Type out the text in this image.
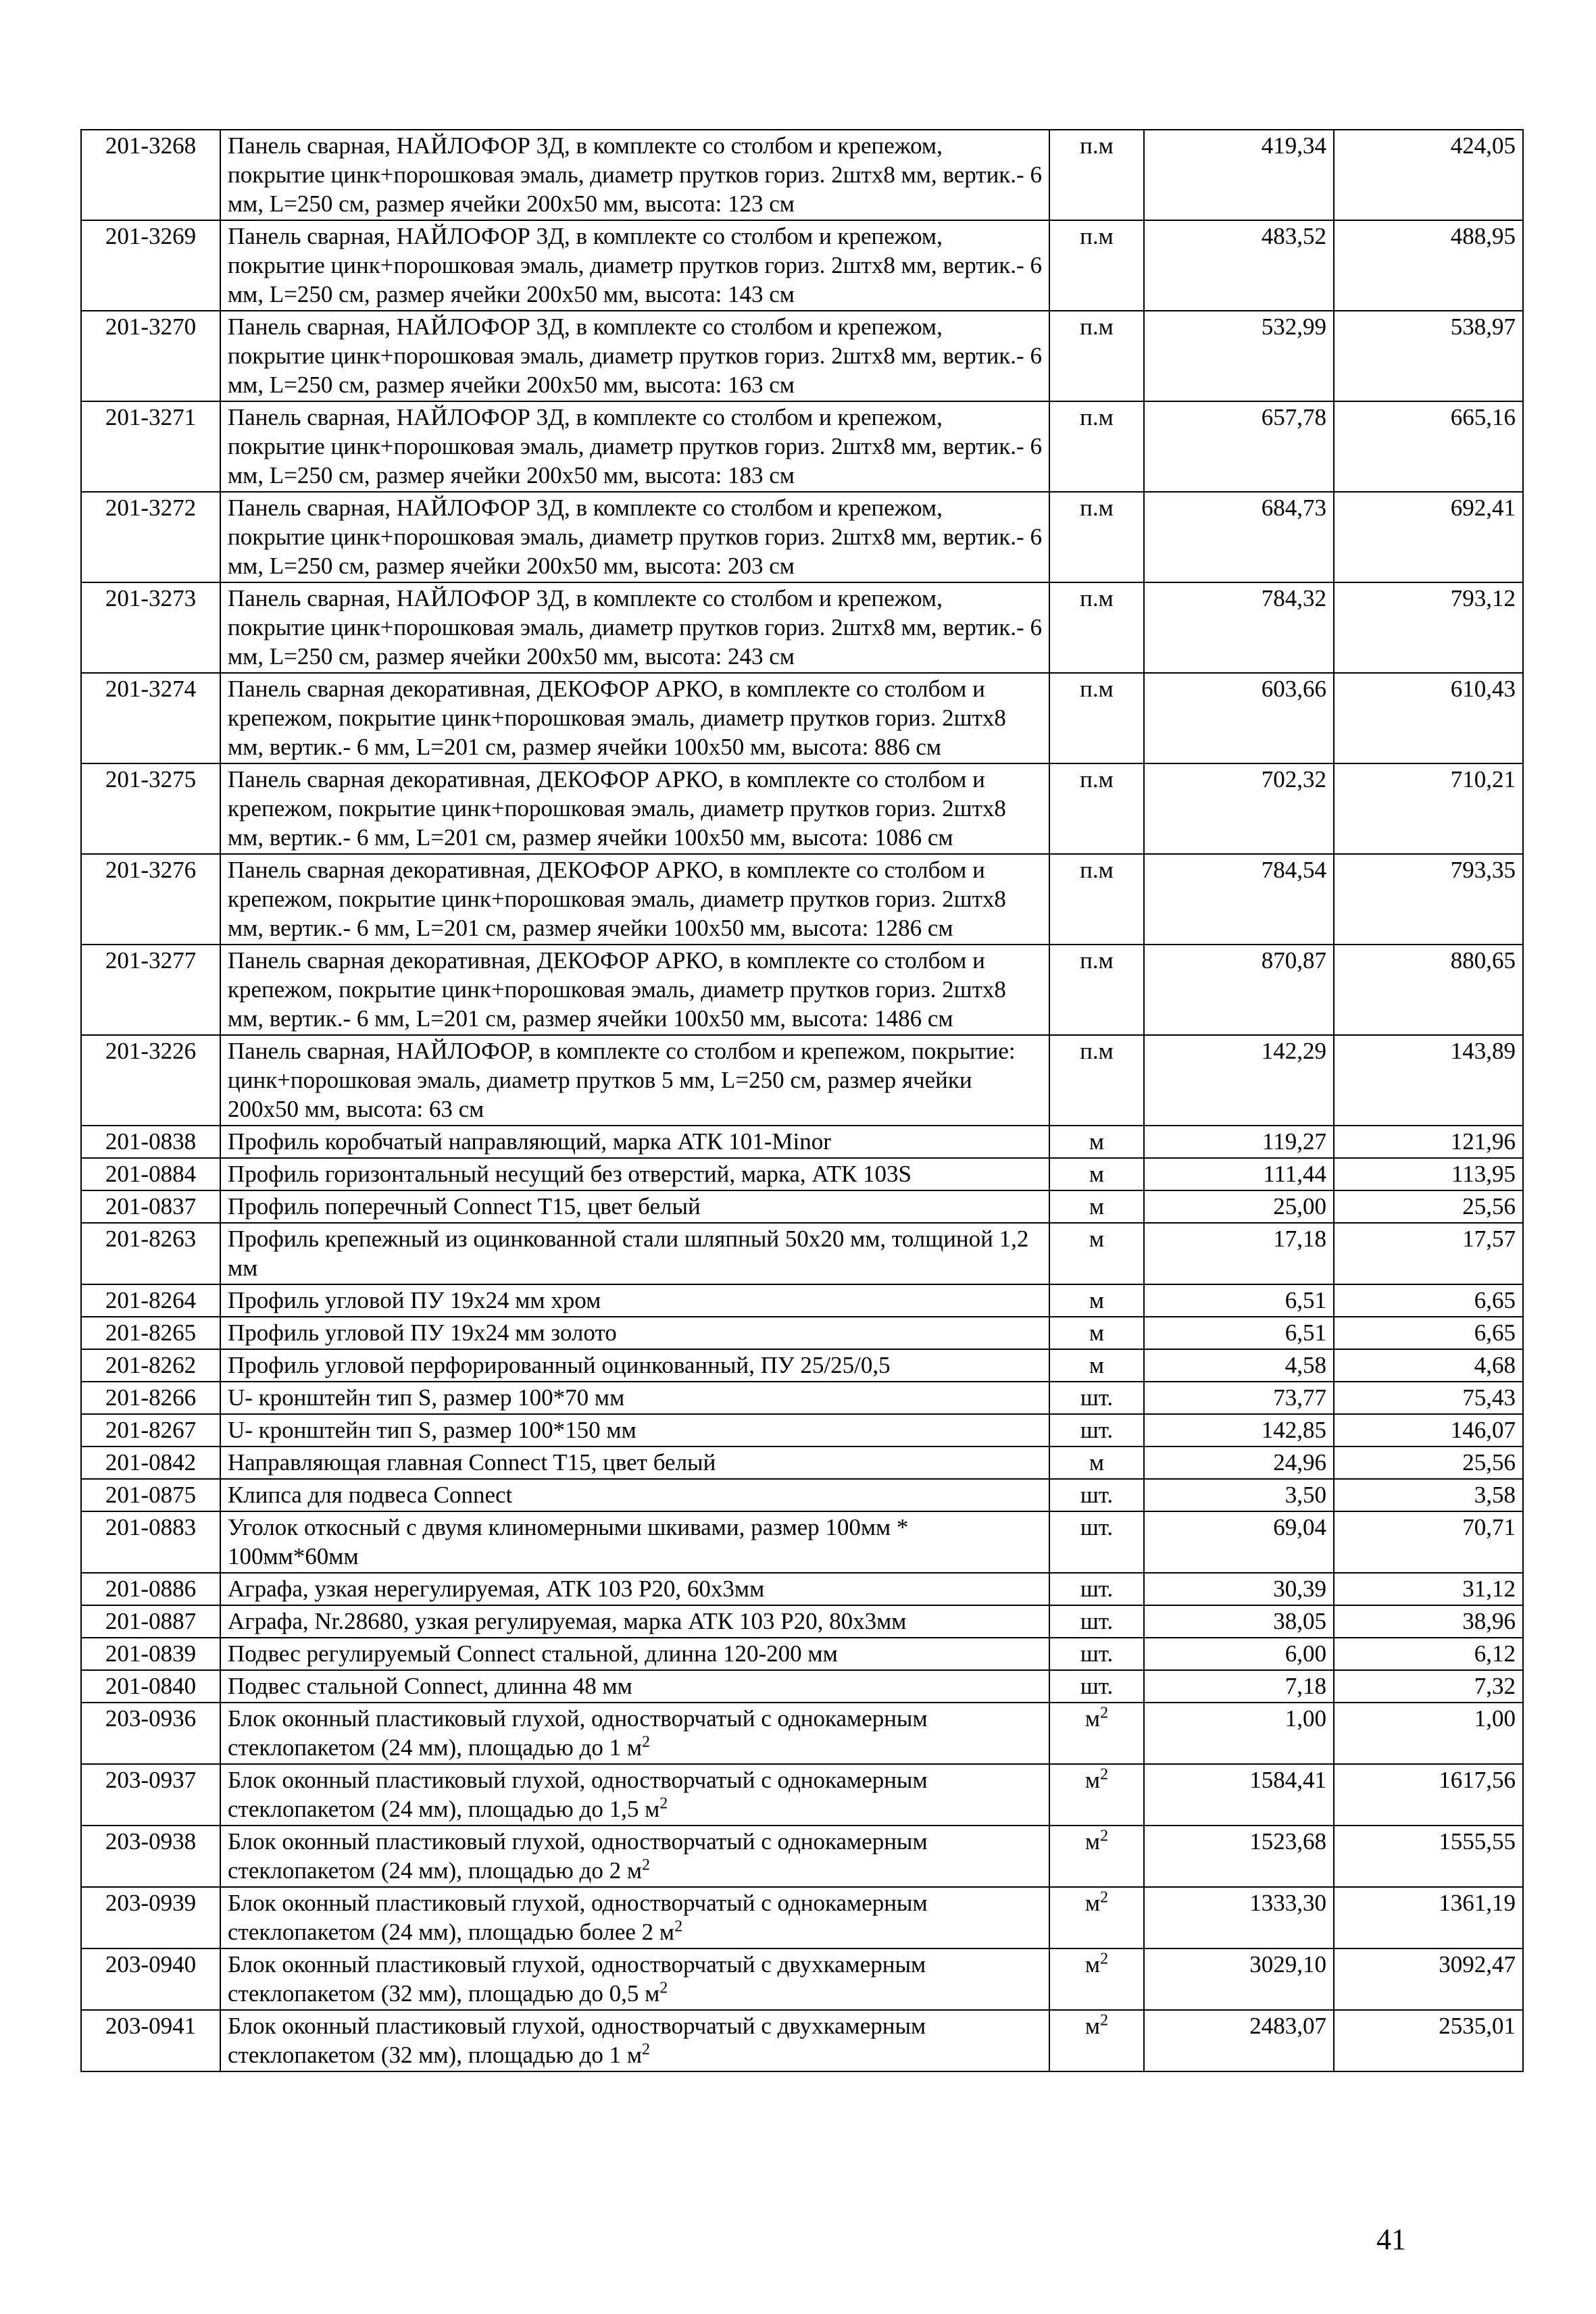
201-3268	Панель сварная, НАЙЛОФОР 3Д, в комплекте со столбом и крепежом, покрытие цинк+порошковая эмаль, диаметр прутков гориз. 2штх8 мм, вертик.- 6 мм, L=250 см, размер ячейки 200х50 мм, высота: 123 см	п.м	419,34	424,05
201-3269	Панель сварная, НАЙЛОФОР 3Д, в комплекте со столбом и крепежом, покрытие цинк+порошковая эмаль, диаметр прутков гориз. 2штх8 мм, вертик.- 6 мм, L=250 см, размер ячейки 200х50 мм, высота: 143 см	п.м	483,52	488,95
201-3270	Панель сварная, НАЙЛОФОР 3Д, в комплекте со столбом и крепежом, покрытие цинк+порошковая эмаль, диаметр прутков гориз. 2штх8 мм, вертик.- 6 мм, L=250 см, размер ячейки 200х50 мм, высота: 163 см	п.м	532,99	538,97
201-3271	Панель сварная, НАЙЛОФОР 3Д, в комплекте со столбом и крепежом, покрытие цинк+порошковая эмаль, диаметр прутков гориз. 2штх8 мм, вертик.- 6 мм, L=250 см, размер ячейки 200х50 мм, высота: 183 см	п.м	657,78	665,16
201-3272	Панель сварная, НАЙЛОФОР 3Д, в комплекте со столбом и крепежом, покрытие цинк+порошковая эмаль, диаметр прутков гориз. 2штх8 мм, вертик.- 6 мм, L=250 см, размер ячейки 200х50 мм, высота: 203 см	п.м	684,73	692,41
201-3273	Панель сварная, НАЙЛОФОР 3Д, в комплекте со столбом и крепежом, покрытие цинк+порошковая эмаль, диаметр прутков гориз. 2штх8 мм, вертик.- 6 мм, L=250 см, размер ячейки 200х50 мм, высота: 243 см	п.м	784,32	793,12
201-3274	Панель сварная декоративная, ДЕКОФОР АРКО, в комплекте со столбом и крепежом, покрытие цинк+порошковая эмаль, диаметр прутков гориз. 2штх8 мм, вертик.- 6 мм, L=201 см, размер ячейки 100х50 мм, высота: 886 см	п.м	603,66	610,43
201-3275	Панель сварная декоративная, ДЕКОФОР АРКО, в комплекте со столбом и крепежом, покрытие цинк+порошковая эмаль, диаметр прутков гориз. 2штх8 мм, вертик.- 6 мм, L=201 см, размер ячейки 100х50 мм, высота: 1086 см	п.м	702,32	710,21
201-3276	Панель сварная декоративная, ДЕКОФОР АРКО, в комплекте со столбом и крепежом, покрытие цинк+порошковая эмаль, диаметр прутков гориз. 2штх8 мм, вертик.- 6 мм, L=201 см, размер ячейки 100х50 мм, высота: 1286 см	п.м	784,54	793,35
201-3277	Панель сварная декоративная, ДЕКОФОР АРКО, в комплекте со столбом и крепежом, покрытие цинк+порошковая эмаль, диаметр прутков гориз. 2штх8 мм, вертик.- 6 мм, L=201 см, размер ячейки 100х50 мм, высота: 1486 см	п.м	870,87	880,65
201-3226	Панель сварная, НАЙЛОФОР, в комплекте со столбом и крепежом, покрытие: цинк+порошковая эмаль, диаметр прутков 5 мм, L=250 см, размер ячейки 200х50 мм, высота: 63 см	п.м	142,29	143,89
201-0838	Профиль коробчатый направляющий, марка АТК 101-Minor	м	119,27	121,96
201-0884	Профиль горизонтальный несущий без отверстий, марка, АТК 103S	м	111,44	113,95
201-0837	Профиль поперечный Connect T15, цвет белый	м	25,00	25,56
201-8263	Профиль крепежный из оцинкованной стали шляпный 50х20 мм, толщиной 1,2 мм	м	17,18	17,57
201-8264	Профиль угловой ПУ 19х24 мм хром	м	6,51	6,65
201-8265	Профиль угловой ПУ 19х24 мм золото	м	6,51	6,65
201-8262	Профиль угловой перфорированный оцинкованный, ПУ 25/25/0,5	м	4,58	4,68
201-8266	U- кронштейн тип S, размер 100*70 мм	шт.	73,77	75,43
201-8267	U- кронштейн тип S, размер 100*150 мм	шт.	142,85	146,07
201-0842	Направляющая главная Connect T15, цвет белый	м	24,96	25,56
201-0875	Клипса для подвеса Connect	шт.	3,50	3,58
201-0883	Уголок откосный с двумя клиномерными шкивами, размер 100мм * 100мм*60мм	шт.	69,04	70,71
201-0886	Аграфа, узкая нерегулируемая, АТК 103 Р20, 60х3мм	шт.	30,39	31,12
201-0887	Аграфа, Nr.28680, узкая регулируемая, марка АТК 103 Р20, 80х3мм	шт.	38,05	38,96
201-0839	Подвес регулируемый Connect стальной, длинна 120-200 мм	шт.	6,00	6,12
201-0840	Подвес стальной Connect, длинна 48 мм	шт.	7,18	7,32
203-0936	Блок оконный пластиковый глухой, одностворчатый с однокамерным стеклопакетом (24 мм), площадью до 1 $м^2$	$м^2$	1,00	1,00
203-0937	Блок оконный пластиковый глухой, одностворчатый с однокамерным стеклопакетом (24 мм), площадью до 1,5 $м^2$	$м^2$	1584,41	1617,56
203-0938	Блок оконный пластиковый глухой, одностворчатый с однокамерным стеклопакетом (24 мм), площадью до 2 $м^2$	$м^2$	1523,68	1555,55
203-0939	Блок оконный пластиковый глухой, одностворчатый с однокамерным стеклопакетом (24 мм), площадью более 2 $м^2$	$м^2$	1333,30	1361,19
203-0940	Блок оконный пластиковый глухой, одностворчатый с двухкамерным стеклопакетом (32 мм), площадью до 0,5 $м^2$	$м^2$	3029,10	3092,47
203-0941	Блок оконный пластиковый глухой, одностворчатый с двухкамерным стеклопакетом (32 мм), площадью до 1 $м^2$	$м^2$	2483,07	2535,01
41
